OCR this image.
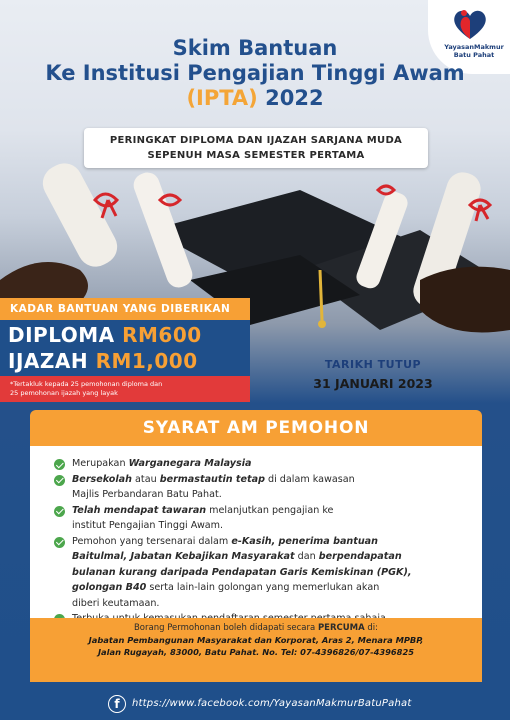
YayasanMakmur
Batu Pahat
Skim Bantuan
Ke Institusi Pengajian Tinggi Awam
(IPTA) 2022
PERINGKAT DIPLOMA DAN IJAZAH SARJANA MUDA
SEPENUH MASA SEMESTER PERTAMA
KADAR BANTUAN YANG DIBERIKAN
DIPLOMA RM600
IJAZAH RM1,000
*Tertakluk kepada 25 pemohonan diploma dan
25 pemohonan ijazah yang layak
TARIKH TUTUP
31 JANUARI 2023
SYARAT AM PEMOHON
Merupakan Warganegara Malaysia
Bersekolah atau bermastautin tetap di dalam kawasan
Majlis Perbandaran Batu Pahat.
Telah mendapat tawaran melanjutkan pengajian ke
institut Pengajian Tinggi Awam.
Pemohon yang tersenarai dalam e-Kasih, penerima bantuan
Baitulmal, Jabatan Kebajikan Masyarakat dan berpendapatan
bulanan kurang daripada Pendapatan Garis Kemiskinan (PGK),
golongan B40 serta lain-lain golongan yang memerlukan akan
diberi keutamaan.
Borang Permohonan boleh didapati secara PERCUMA di:
Jabatan Pembangunan Masyarakat dan Korporat, Aras 2, Menara MPBP,
Jalan Rugayah, 83000, Batu Pahat. No. Tel: 07-4396826/07-4396825
f	https://www.facebook.com/YayasanMakmurBatuPahat
